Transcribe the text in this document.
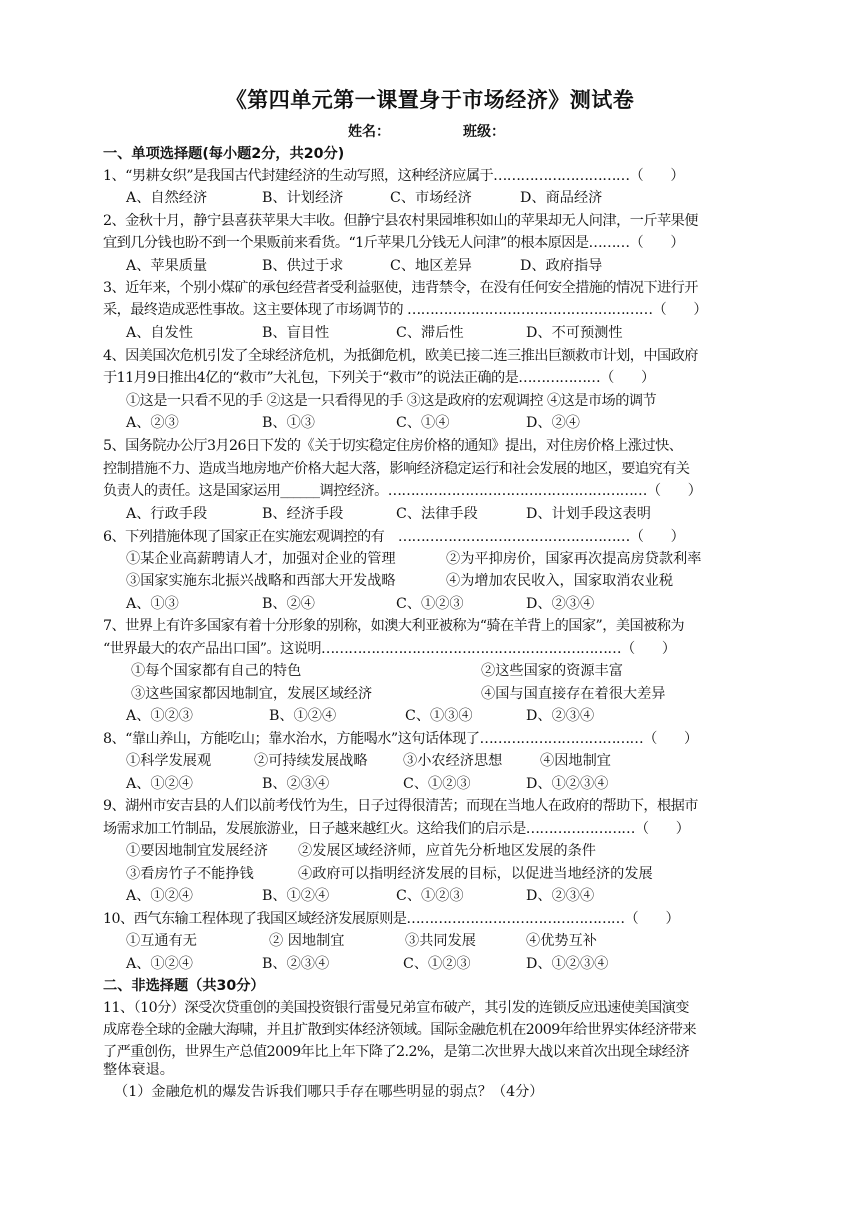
《第四单元第一课置身于市场经济》测试卷
姓名：	班级：
一、单项选择题(每小题2分，共20分)
1、“男耕女织”是我国古代封建经济的生动写照，这种经济应属于…………………………（　　）
A、自然经济	B、计划经济	C、市场经济	D、商品经济
2、金秋十月，静宁县喜获苹果大丰收。但静宁县农村果园堆积如山的苹果却无人问津，一斤苹果便
宜到几分钱也盼不到一个果贩前来看货。“1斤苹果几分钱无人问津”的根本原因是………（　　）
A、苹果质量	B、供过于求	C、地区差异	D、政府指导
3、近年来，个别小煤矿的承包经营者受利益驱使，违背禁令，在没有任何安全措施的情况下进行开
采，最终造成恶性事故。这主要体现了市场调节的 ………………………………………………（　　）
A、自发性	B、盲目性	C、滞后性	D、不可预测性
4、因美国次危机引发了全球经济危机，为抵御危机，欧美已接二连三推出巨额救市计划，中国政府
于11月9日推出4亿的“救市”大礼包，下列关于“救市”的说法正确的是………………（　　）
①这是一只看不见的手 ②这是一只看得见的手 ③这是政府的宏观调控 ④这是市场的调节
A、②③	B、①③	C、①④	D、②④
5、国务院办公厅3月26日下发的《关于切实稳定住房价格的通知》提出，对住房价格上涨过快、
控制措施不力、造成当地房地产价格大起大落，影响经济稳定运行和社会发展的地区，要追究有关
负责人的责任。这是国家运用______调控经济。…………………………………………………（　　）
A、行政手段	B、经济手段	C、法律手段	D、计划手段这表明
6、下列措施体现了国家正在实施宏观调控的有　……………………………………………（　　）
①某企业高薪聘请人才，加强对企业的管理	②为平抑房价，国家再次提高房贷款利率
③国家实施东北振兴战略和西部大开发战略	④为增加农民收入，国家取消农业税
A、①③	B、②④	C、①②③	D、②③④
7、世界上有许多国家有着十分形象的别称，如澳大利亚被称为“骑在羊背上的国家”，美国被称为
“世界最大的农产品出口国”。这说明…………………………………………………………（　　）
①每个国家都有自己的特色	②这些国家的资源丰富
③这些国家都因地制宜，发展区域经济	④国与国直接存在着很大差异
A、①②③	B、①②④	C、①③④	D、②③④
8、“靠山养山，方能吃山；靠水治水，方能喝水”这句话体现了………………………………（　　）
①科学发展观	②可持续发展战略 ③小农经济思想	④因地制宜
A、①②④	B、②③④	C、①②③	D、①②③④
9、湖州市安吉县的人们以前考伐竹为生，日子过得很清苦；而现在当地人在政府的帮助下，根据市
场需求加工竹制品，发展旅游业，日子越来越红火。这给我们的启示是……………………（　　）
①要因地制宜发展经济 ②发展区域经济师，应首先分析地区发展的条件
③看房竹子不能挣钱	④政府可以指明经济发展的目标，以促进当地经济的发展
A、①②④	B、①②④	C、①②③	D、②③④
10、西气东输工程体现了我国区域经济发展原则是…………………………………………（　　）
①互通有无	② 因地制宜	③共同发展	④优势互补
A、①②④	B、②③④	C、①②③	D、①②③④
二、非选择题（共30分）
11、（10分）深受次贷重创的美国投资银行雷曼兄弟宣布破产，其引发的连锁反应迅速使美国演变
成席卷全球的金融大海啸，并且扩散到实体经济领域。国际金融危机在2009年给世界实体经济带来
了严重创伤，世界生产总值2009年比上年下降了2.2%，是第二次世界大战以来首次出现全球经济
整体衰退。
（1）金融危机的爆发告诉我们哪只手存在哪些明显的弱点？（4分）
